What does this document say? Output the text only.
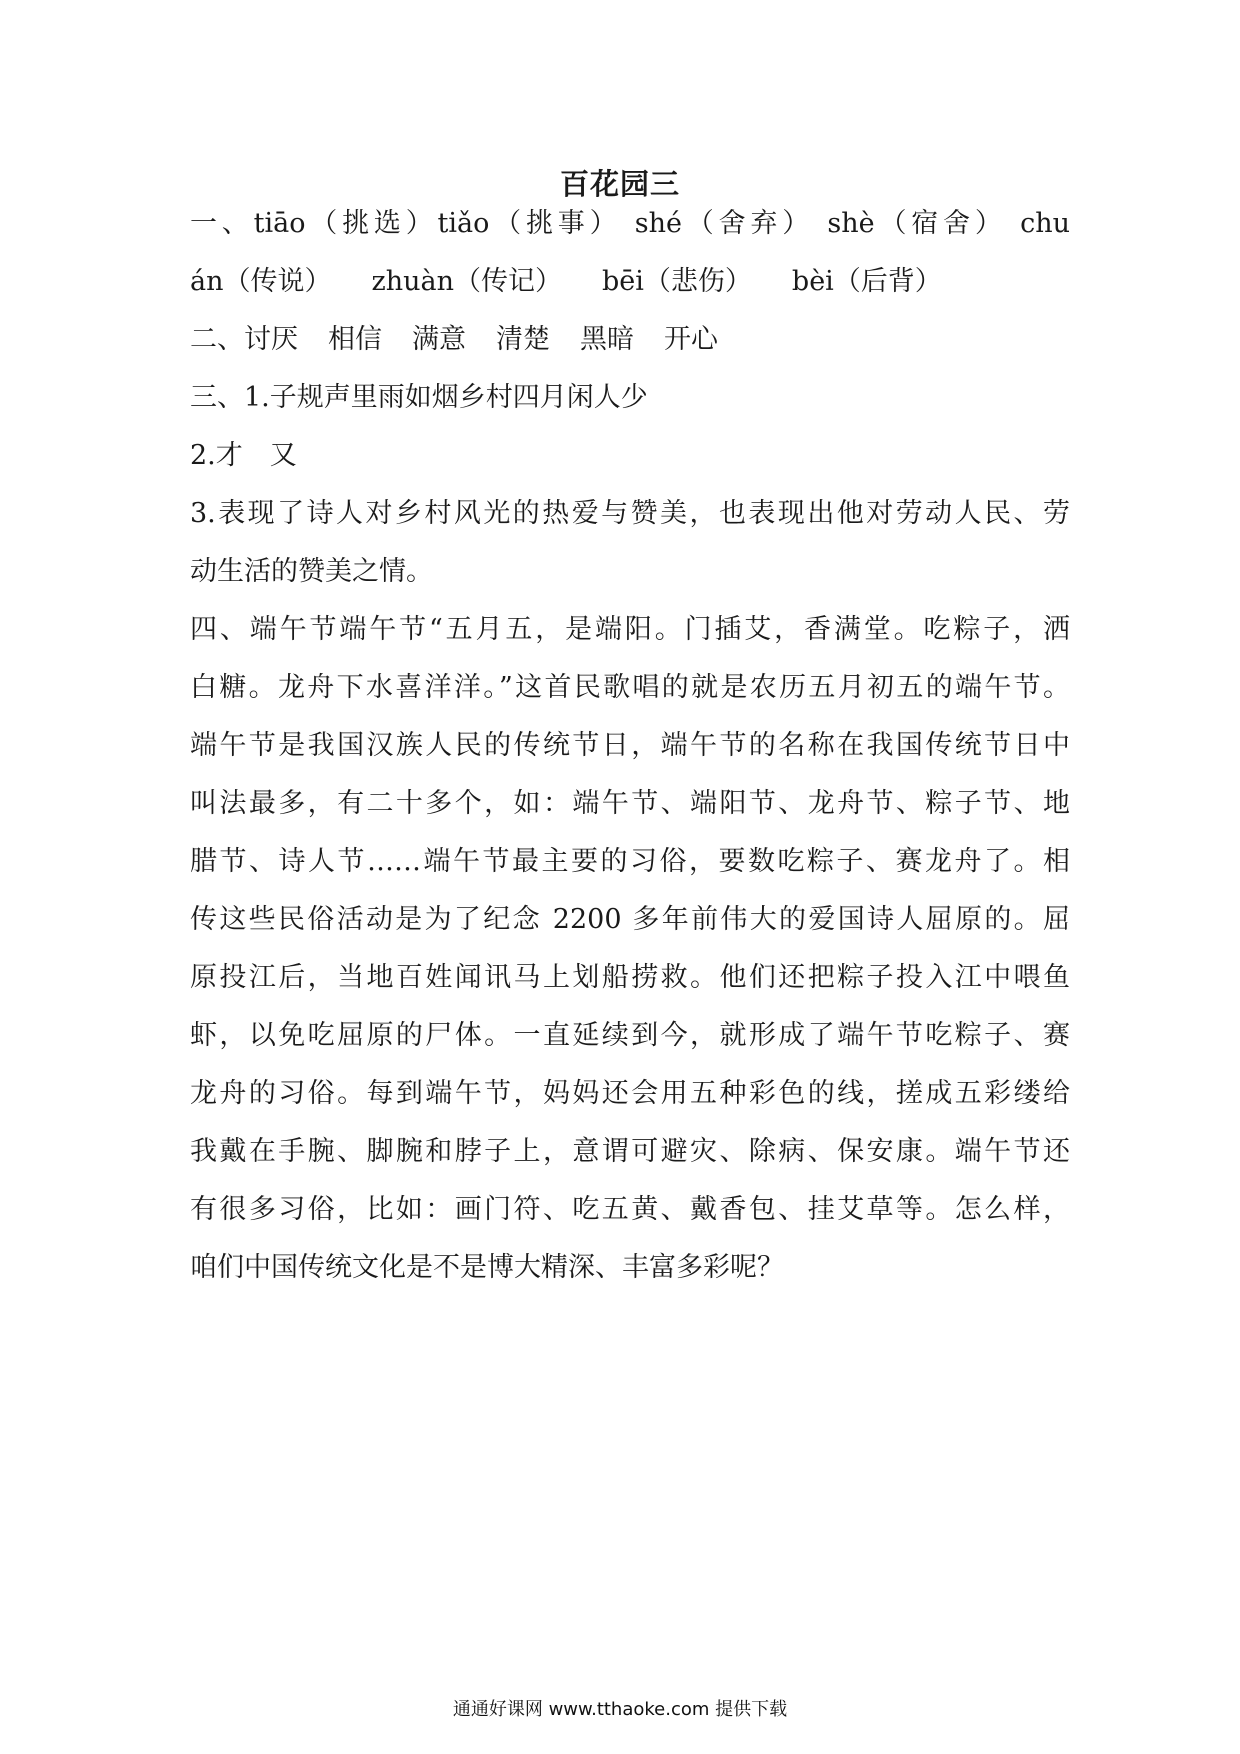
百花园三
一、tiāo（挑选）tiǎo（挑事） shé（舍弃） shè（宿舍） chu
án（传说） zhuàn（传记） bēi（悲伤） bèi（后背）
二、讨厌 相信 满意 清楚 黑暗 开心
三、1.子规声里雨如烟乡村四月闲人少
2.才　又
3.表现了诗人对乡村风光的热爱与赞美，也表现出他对劳动人民、劳
动生活的赞美之情。
四、端午节端午节“五月五，是端阳。门插艾，香满堂。吃粽子，洒
白糖。龙舟下水喜洋洋。”这首民歌唱的就是农历五月初五的端午节。
端午节是我国汉族人民的传统节日，端午节的名称在我国传统节日中
叫法最多，有二十多个，如：端午节、端阳节、龙舟节、粽子节、地
腊节、诗人节……端午节最主要的习俗，要数吃粽子、赛龙舟了。相
传这些民俗活动是为了纪念 2200 多年前伟大的爱国诗人屈原的。屈
原投江后，当地百姓闻讯马上划船捞救。他们还把粽子投入江中喂鱼
虾，以免吃屈原的尸体。一直延续到今，就形成了端午节吃粽子、赛
龙舟的习俗。每到端午节，妈妈还会用五种彩色的线，搓成五彩缕给
我戴在手腕、脚腕和脖子上，意谓可避灾、除病、保安康。端午节还
有很多习俗，比如：画门符、吃五黄、戴香包、挂艾草等。怎么样，
咱们中国传统文化是不是博大精深、丰富多彩呢？
通通好课网 www.tthaoke.com 提供下载
